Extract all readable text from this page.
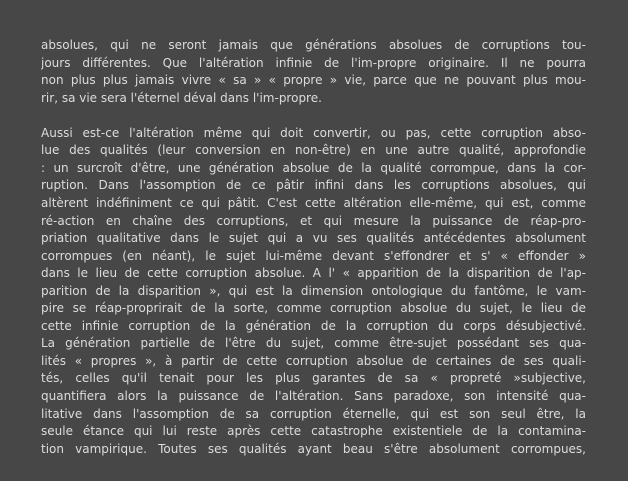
absolues, qui ne seront jamais que générations absolues de corruptions tou-
jours différentes. Que l'altération infinie de l'im-propre originaire. Il ne pourra
non plus plus jamais vivre « sa » « propre » vie, parce que ne pouvant plus mou-
rir, sa vie sera l'éternel déval dans l'im-propre.
Aussi est-ce l'altération même qui doit convertir, ou pas, cette corruption abso-
lue des qualités (leur conversion en non-être) en une autre qualité, approfondie
: un surcroît d'être, une génération absolue de la qualité corrompue, dans la cor-
ruption. Dans l'assomption de ce pâtir infini dans les corruptions absolues, qui
altèrent indéfiniment ce qui pâtit. C'est cette altération elle-même, qui est, comme
ré-action en chaîne des corruptions, et qui mesure la puissance de réap-pro-
priation qualitative dans le sujet qui a vu ses qualités antécédentes absolument
corrompues (en néant), le sujet lui-même devant s'effondrer et s' « effonder »
dans le lieu de cette corruption absolue. A l' « apparition de la disparition de l'ap-
parition de la disparition », qui est la dimension ontologique du fantôme, le vam-
pire se réap-proprirait de la sorte, comme corruption absolue du sujet, le lieu de
cette infinie corruption de la génération de la corruption du corps désubjectivé.
La génération partielle de l'être du sujet, comme être-sujet possédant ses qua-
lités « propres », à partir de cette corruption absolue de certaines de ses quali-
tés, celles qu'il tenait pour les plus garantes de sa « propreté »subjective,
quantifiera alors la puissance de l'altération. Sans paradoxe, son intensité qua-
litative dans l'assomption de sa corruption éternelle, qui est son seul être, la
seule étance qui lui reste après cette catastrophe existentiele de la contamina-
tion vampirique. Toutes ses qualités ayant beau s'être absolument corrompues,
